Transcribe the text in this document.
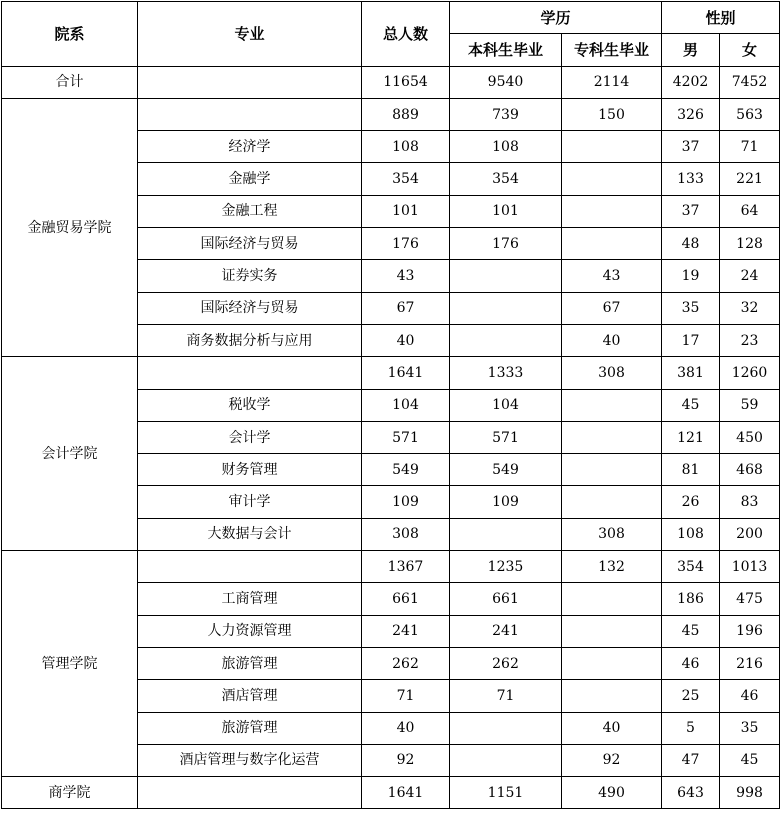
院系	专业	总人数	学历		性别	
			本科生毕业	专科生毕业	男	女
合计		11654	9540	2114	4202	7452
金融贸易学院		889	739	150	326	563
	经济学	108	108		37	71
	金融学	354	354		133	221
	金融工程	101	101		37	64
	国际经济与贸易	176	176		48	128
	证券实务	43		43	19	24
	国际经济与贸易	67		67	35	32
	商务数据分析与应用	40		40	17	23
会计学院		1641	1333	308	381	1260
	税收学	104	104		45	59
	会计学	571	571		121	450
	财务管理	549	549		81	468
	审计学	109	109		26	83
	大数据与会计	308		308	108	200
管理学院		1367	1235	132	354	1013
	工商管理	661	661		186	475
	人力资源管理	241	241		45	196
	旅游管理	262	262		46	216
	酒店管理	71	71		25	46
	旅游管理	40		40	5	35
	酒店管理与数字化运营	92		92	47	45
商学院		1641	1151	490	643	998
